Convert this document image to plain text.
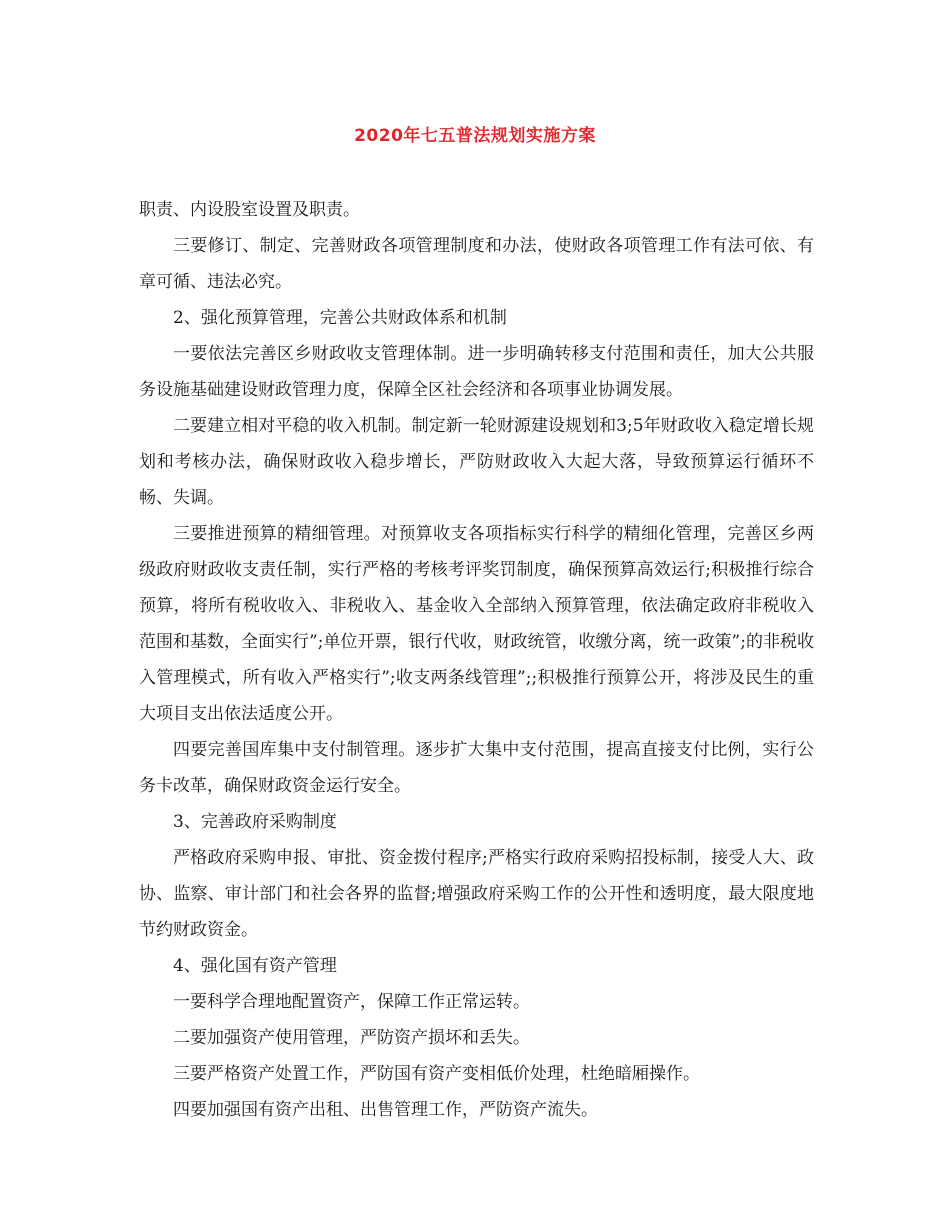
2020年七五普法规划实施方案

职责、内设股室设置及职责。

三要修订、制定、完善财政各项管理制度和办法，使财政各项管理工作有法可依、有章可循、违法必究。

2、强化预算管理，完善公共财政体系和机制

一要依法完善区乡财政收支管理体制。进一步明确转移支付范围和责任，加大公共服务设施基础建设财政管理力度，保障全区社会经济和各项事业协调发展。

二要建立相对平稳的收入机制。制定新一轮财源建设规划和3;5年财政收入稳定增长规划和考核办法，确保财政收入稳步增长，严防财政收入大起大落，导致预算运行循环不畅、失调。

三要推进预算的精细管理。对预算收支各项指标实行科学的精细化管理，完善区乡两级政府财政收支责任制，实行严格的考核考评奖罚制度，确保预算高效运行;积极推行综合预算，将所有税收收入、非税收入、基金收入全部纳入预算管理，依法确定政府非税收入范围和基数，全面实行”;单位开票，银行代收，财政统管，收缴分离，统一政策”;的非税收入管理模式，所有收入严格实行”;收支两条线管理”;;积极推行预算公开，将涉及民生的重大项目支出依法适度公开。

四要完善国库集中支付制管理。逐步扩大集中支付范围，提高直接支付比例，实行公务卡改革，确保财政资金运行安全。

3、完善政府采购制度

严格政府采购申报、审批、资金拨付程序;严格实行政府采购招投标制，接受人大、政协、监察、审计部门和社会各界的监督;增强政府采购工作的公开性和透明度，最大限度地节约财政资金。

4、强化国有资产管理

一要科学合理地配置资产，保障工作正常运转。

二要加强资产使用管理，严防资产损坏和丢失。

三要严格资产处置工作，严防国有资产变相低价处理，杜绝暗厢操作。

四要加强国有资产出租、出售管理工作，严防资产流失。
